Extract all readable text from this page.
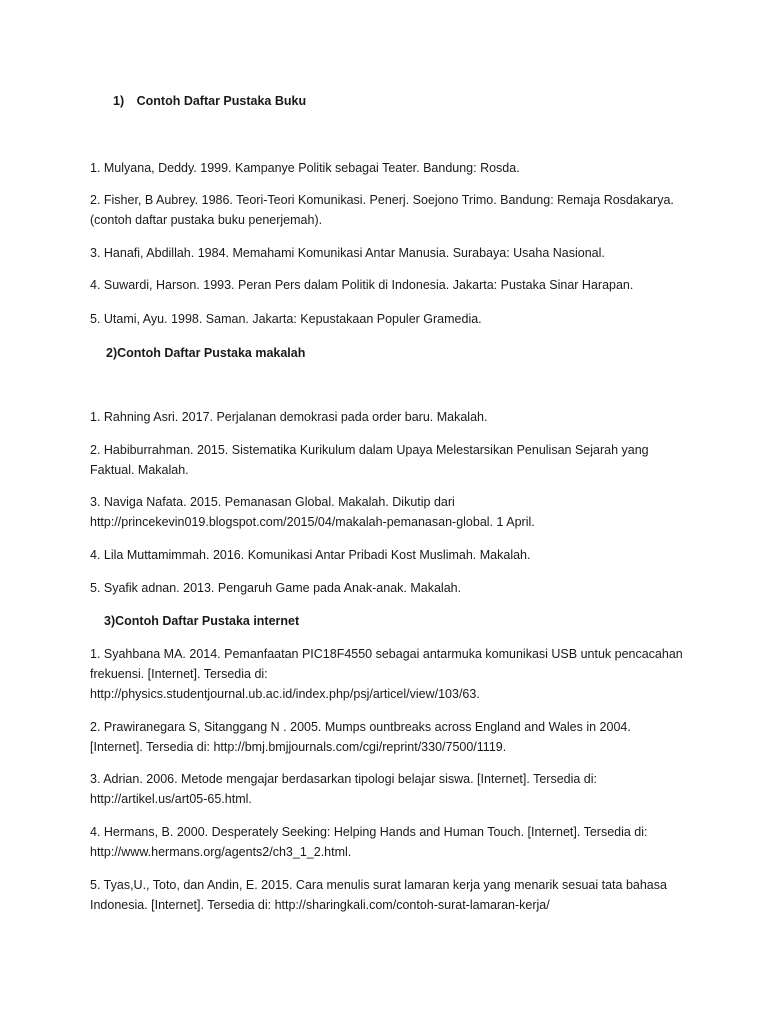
1) Contoh Daftar Pustaka Buku
1. Mulyana, Deddy. 1999. Kampanye Politik sebagai Teater. Bandung: Rosda.
2. Fisher, B Aubrey. 1986. Teori-Teori Komunikasi. Penerj. Soejono Trimo. Bandung: Remaja Rosdakarya.
(contoh daftar pustaka buku penerjemah).
3. Hanafi, Abdillah. 1984. Memahami Komunikasi Antar Manusia. Surabaya: Usaha Nasional.
4. Suwardi, Harson. 1993. Peran Pers dalam Politik di Indonesia. Jakarta: Pustaka Sinar Harapan.
5. Utami, Ayu. 1998. Saman. Jakarta: Kepustakaan Populer Gramedia.
2)Contoh Daftar Pustaka makalah
1. Rahning Asri. 2017. Perjalanan demokrasi pada order baru. Makalah.
2. Habiburrahman. 2015. Sistematika Kurikulum dalam Upaya Melestarsikan Penulisan Sejarah yang
Faktual. Makalah.
3. Naviga Nafata. 2015. Pemanasan Global. Makalah. Dikutip dari
http://princekevin019.blogspot.com/2015/04/makalah-pemanasan-global. 1 April.
4. Lila Muttamimmah. 2016. Komunikasi Antar Pribadi Kost Muslimah. Makalah.
5. Syafik adnan. 2013. Pengaruh Game pada Anak-anak. Makalah.
3)Contoh Daftar Pustaka internet
1. Syahbana MA. 2014. Pemanfaatan PIC18F4550 sebagai antarmuka komunikasi USB untuk pencacahan
frekuensi. [Internet]. Tersedia di:
http://physics.studentjournal.ub.ac.id/index.php/psj/articel/view/103/63.
2. Prawiranegara S, Sitanggang N . 2005. Mumps ountbreaks across England and Wales in 2004.
[Internet]. Tersedia di: http://bmj.bmjjournals.com/cgi/reprint/330/7500/1119.
3. Adrian. 2006. Metode mengajar berdasarkan tipologi belajar siswa. [Internet]. Tersedia di:
http://artikel.us/art05-65.html.
4. Hermans, B. 2000. Desperately Seeking: Helping Hands and Human Touch. [Internet]. Tersedia di:
http://www.hermans.org/agents2/ch3_1_2.html.
5. Tyas,U., Toto, dan Andin, E. 2015. Cara menulis surat lamaran kerja yang menarik sesuai tata bahasa
Indonesia. [Internet]. Tersedia di: http://sharingkali.com/contoh-surat-lamaran-kerja/
